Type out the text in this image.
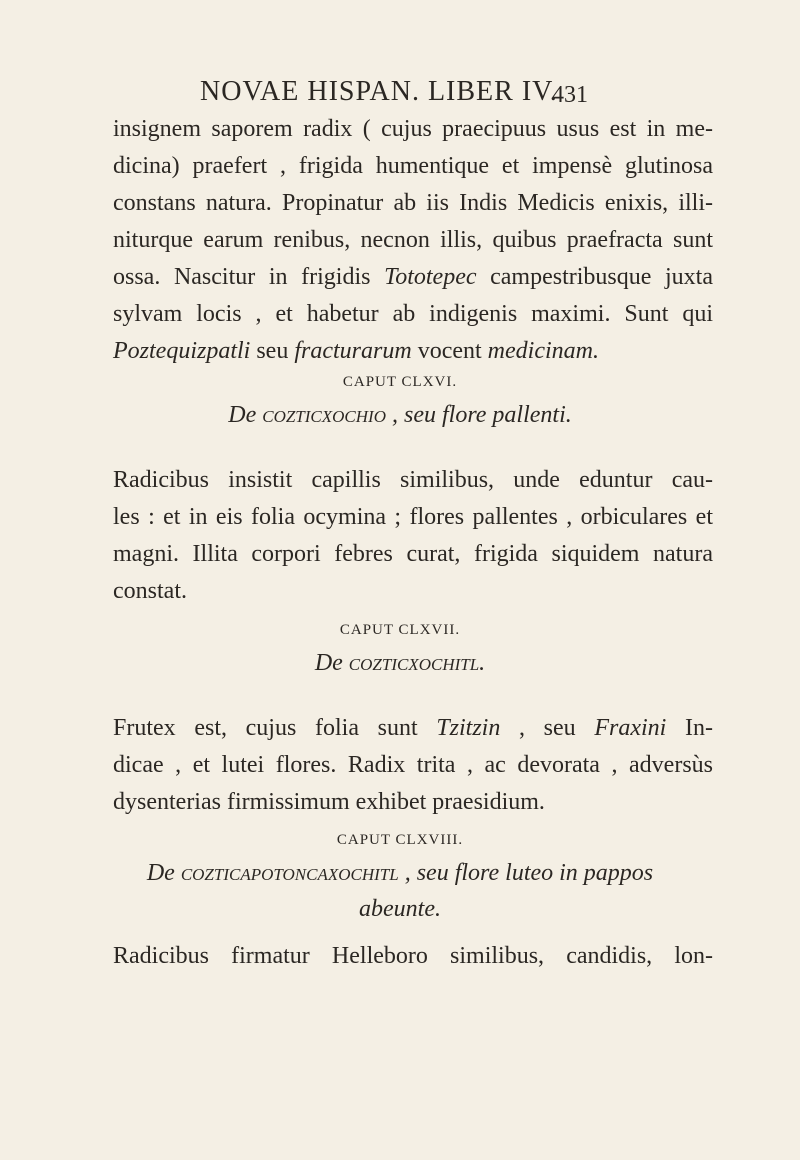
NOVAE HISPAN. LIBER IV.
431
insignem saporem radix ( cujus praecipuus usus est in me-
dicina) praefert , frigida humentique et impensè glutinosa
constans natura. Propinatur ab iis Indis Medicis enixis, illi-
niturque earum renibus, necnon illis, quibus praefracta sunt
ossa. Nascitur in frigidis Tototepec campestribusque juxta
sylvam locis , et habetur ab indigenis maximi. Sunt qui
Poztequizpatli seu fracturarum vocent medicinam.
CAPUT CLXVI.
De cozticxochio , seu flore pallenti.
Radicibus insistit capillis similibus, unde eduntur cau-
les : et in eis folia ocymina ; flores pallentes , orbiculares et
magni. Illita corpori febres curat, frigida siquidem natura
constat.
CAPUT CLXVII.
De cozticxochitl.
Frutex est, cujus folia sunt Tzitzin , seu Fraxini In-
dicae , et lutei flores. Radix trita , ac devorata , adversùs
dysenterias firmissimum exhibet praesidium.
CAPUT CLXVIII.
De cozticapotoncaxochitl , seu flore luteo in pappos
abeunte.
Radicibus firmatur Helleboro similibus, candidis, lon-
